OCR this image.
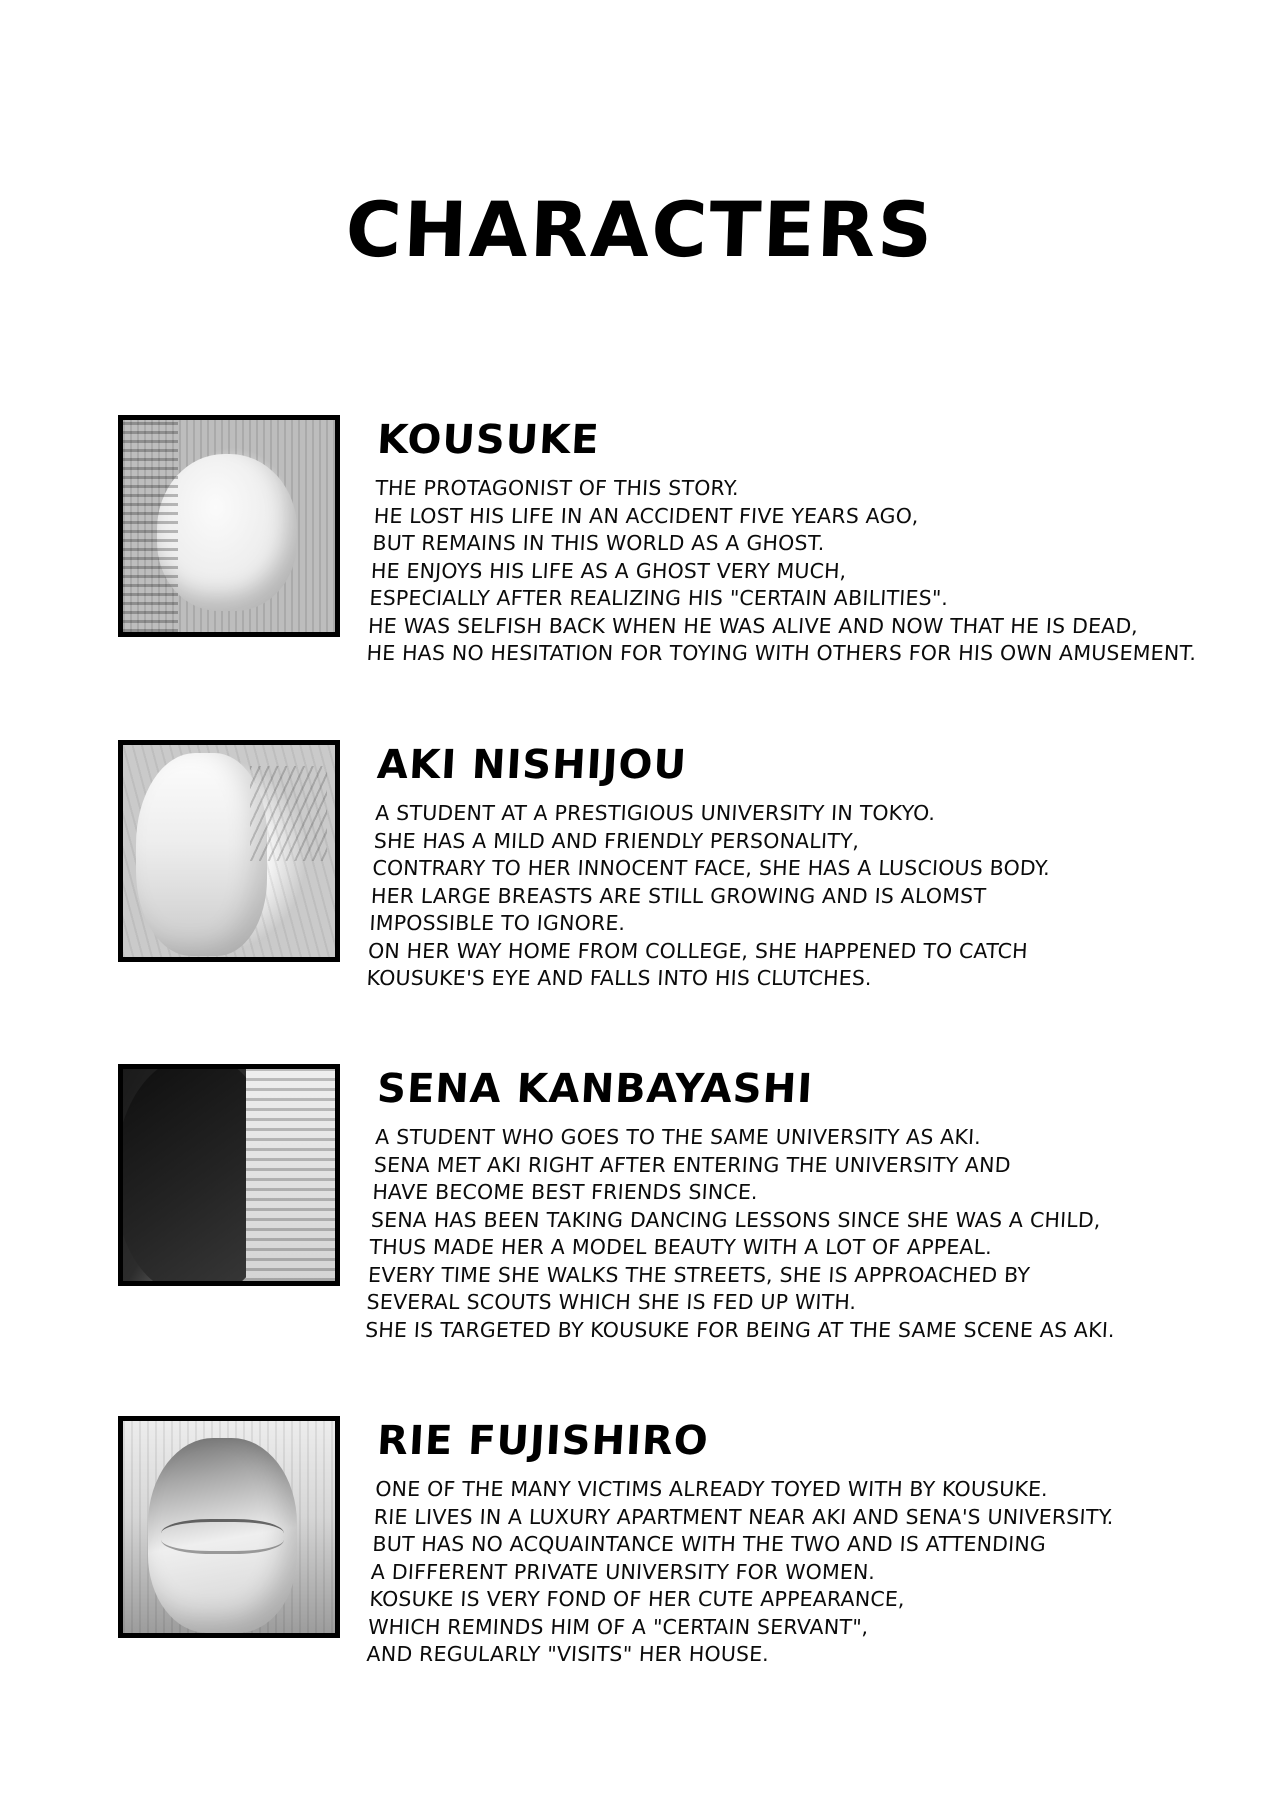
CHARACTERS
KOUSUKE
THE PROTAGONIST OF THIS STORY.
HE LOST HIS LIFE IN AN ACCIDENT FIVE YEARS AGO,
BUT REMAINS IN THIS WORLD AS A GHOST.
HE ENJOYS HIS LIFE AS A GHOST VERY MUCH,
ESPECIALLY AFTER REALIZING HIS "CERTAIN ABILITIES".
HE WAS SELFISH BACK WHEN HE WAS ALIVE AND NOW THAT HE IS DEAD,
HE HAS NO HESITATION FOR TOYING WITH OTHERS FOR HIS OWN AMUSEMENT.
AKI NISHIJOU
A STUDENT AT A PRESTIGIOUS UNIVERSITY IN TOKYO.
SHE HAS A MILD AND FRIENDLY PERSONALITY,
CONTRARY TO HER INNOCENT FACE, SHE HAS A LUSCIOUS BODY.
HER LARGE BREASTS ARE STILL GROWING AND IS ALOMST
IMPOSSIBLE TO IGNORE.
ON HER WAY HOME FROM COLLEGE, SHE HAPPENED TO CATCH
KOUSUKE'S EYE AND FALLS INTO HIS CLUTCHES.
SENA KANBAYASHI
A STUDENT WHO GOES TO THE SAME UNIVERSITY AS AKI.
SENA MET AKI RIGHT AFTER ENTERING THE UNIVERSITY AND
HAVE BECOME BEST FRIENDS SINCE.
SENA HAS BEEN TAKING DANCING LESSONS SINCE SHE WAS A CHILD,
THUS MADE HER A MODEL BEAUTY WITH A LOT OF APPEAL.
EVERY TIME SHE WALKS THE STREETS, SHE IS APPROACHED BY
SEVERAL SCOUTS WHICH SHE IS FED UP WITH.
SHE IS TARGETED BY KOUSUKE FOR BEING AT THE SAME SCENE AS AKI.
RIE FUJISHIRO
ONE OF THE MANY VICTIMS ALREADY TOYED WITH BY KOUSUKE.
RIE LIVES IN A LUXURY APARTMENT NEAR AKI AND SENA'S UNIVERSITY.
BUT HAS NO ACQUAINTANCE WITH THE TWO AND IS ATTENDING
A DIFFERENT PRIVATE UNIVERSITY FOR WOMEN.
KOSUKE IS VERY FOND OF HER CUTE APPEARANCE,
WHICH REMINDS HIM OF A "CERTAIN SERVANT",
AND REGULARLY "VISITS" HER HOUSE.
